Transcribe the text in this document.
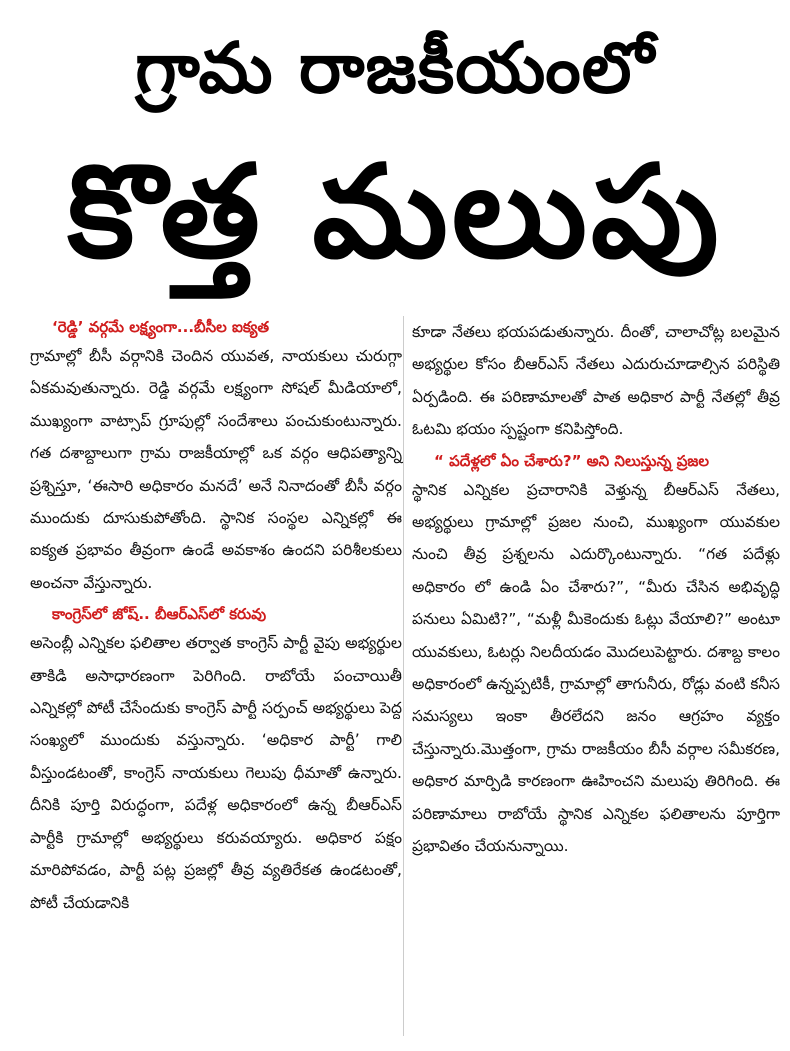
గ్రామ రాజకీయంలో
కొత్త మలుపు
‘రెడ్డి’ వర్గమే లక్ష్యంగా...బీసీల ఐక్యత

గ్రామాల్లో బీసీ వర్గానికి చెందిన యువత, నాయకులు చురుగ్గా ఏకమవుతున్నారు. రెడ్డి వర్గమే లక్ష్యంగా సోషల్ మీడియాలో, ముఖ్యంగా వాట్సాప్ గ్రూపుల్లో సందేశాలు పంచుకుంటున్నారు. గత దశాబ్దాలుగా గ్రామ రాజకీయాల్లో ఒక వర్గం ఆధిపత్యాన్ని ప్రశ్నిస్తూ, ‘ఈసారి అధికారం మనదే’ అనే నినాదంతో బీసీ వర్గం ముందుకు దూసుకుపోతోంది. స్థానిక సంస్థల ఎన్నికల్లో ఈ ఐక్యత ప్రభావం తీవ్రంగా ఉండే అవకాశం ఉందని పరిశీలకులు అంచనా వేస్తున్నారు.

కాంగ్రెస్‌లో జోష్.. బీఆర్ఎస్‌లో కరువు

అసెంబ్లీ ఎన్నికల ఫలితాల తర్వాత కాంగ్రెస్ పార్టీ వైపు అభ్యర్థుల తాకిడి అసాధారణంగా పెరిగింది. రాబోయే పంచాయితీ ఎన్నికల్లో పోటీ చేసేందుకు కాంగ్రెస్ పార్టీ సర్పంచ్ అభ్యర్థులు పెద్ద సంఖ్యలో ముందుకు వస్తున్నారు. ‘అధికార పార్టీ’ గాలి వీస్తుండటంతో, కాంగ్రెస్ నాయకులు గెలుపు ధీమాతో ఉన్నారు. దీనికి పూర్తి విరుద్ధంగా, పదేళ్ల అధికారంలో ఉన్న బీఆర్ఎస్ పార్టీకి గ్రామాల్లో అభ్యర్థులు కరువయ్యారు. అధికార పక్షం మారిపోవడం, పార్టీ పట్ల ప్రజల్లో తీవ్ర వ్యతిరేకత ఉండటంతో, పోటీ చేయడానికి

కూడా నేతలు భయపడుతున్నారు. దీంతో, చాలాచోట్ల బలమైన అభ్యర్థుల కోసం బీఆర్ఎస్ నేతలు ఎదురుచూడాల్సిన పరిస్థితి ఏర్పడింది. ఈ పరిణామాలతో పాత అధికార పార్టీ నేతల్లో తీవ్ర ఓటమి భయం స్పష్టంగా కనిపిస్తోంది.

“ పదేళ్లలో ఏం చేశారు?” అని నిలుస్తున్న ప్రజల

స్థానిక ఎన్నికల ప్రచారానికి వెళ్తున్న బీఆర్ఎస్ నేతలు, అభ్యర్థులు గ్రామాల్లో ప్రజల నుంచి, ముఖ్యంగా యువకుల నుంచి తీవ్ర ప్రశ్నలను ఎదుర్కొంటున్నారు. “గత పదేళ్లు అధికారం లో ఉండి ఏం చేశారు?”, “మీరు చేసిన అభివృద్ధి పనులు ఏమిటి?”, “మళ్లీ మీకెందుకు ఓట్లు వేయాలి?” అంటూ యువకులు, ఓటర్లు నిలదీయడం మొదలుపెట్టారు. దశాబ్ద కాలం అధికారంలో ఉన్నప్పటికీ, గ్రామాల్లో తాగునీరు, రోడ్లు వంటి కనీస సమస్యలు ఇంకా తీరలేదని జనం ఆగ్రహం వ్యక్తం చేస్తున్నారు.మొత్తంగా, గ్రామ రాజకీయం బీసీ వర్గాల సమీకరణ, అధికార మార్పిడి కారణంగా ఊహించని మలుపు తిరిగింది. ఈ పరిణామాలు రాబోయే స్థానిక ఎన్నికల ఫలితాలను పూర్తిగా ప్రభావితం చేయనున్నాయి.
